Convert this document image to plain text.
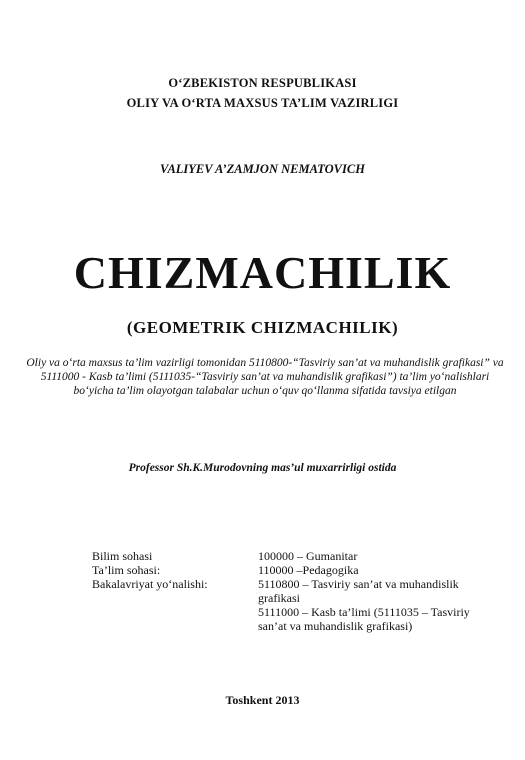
O‘ZBEKISTON RESPUBLIKASI
OLIY VA O‘RTA MAXSUS TA’LIM VAZIRLIGI
VALIYEV A’ZAMJON NEMATOVICH
CHIZMACHILIK
(GEOMETRIK CHIZMACHILIK)
Oliy va o‘rta maxsus ta’lim vazirligi tomonidan 5110800-“Tasviriy san’at va muhandislik grafikasi” va 5111000 - Kasb ta’limi (5111035-“Tasviriy san’at va muhandislik grafikasi”) ta’lim yo‘nalishlari bo‘yicha ta’lim olayotgan talabalar uchun o‘quv qo‘llanma sifatida tavsiya etilgan
Professor Sh.K.Murodovning mas’ul muxarrirligi ostida
Bilim sohasi
Ta’lim sohasi:
Bakalavriyat yo‘nalishi:
100000 – Gumanitar
110000 –Pedagogika
5110800 – Tasviriy san’at va muhandislik grafikasi
5111000 – Kasb ta’limi (5111035 – Tasviriy san’at va muhandislik grafikasi)
Toshkent 2013
